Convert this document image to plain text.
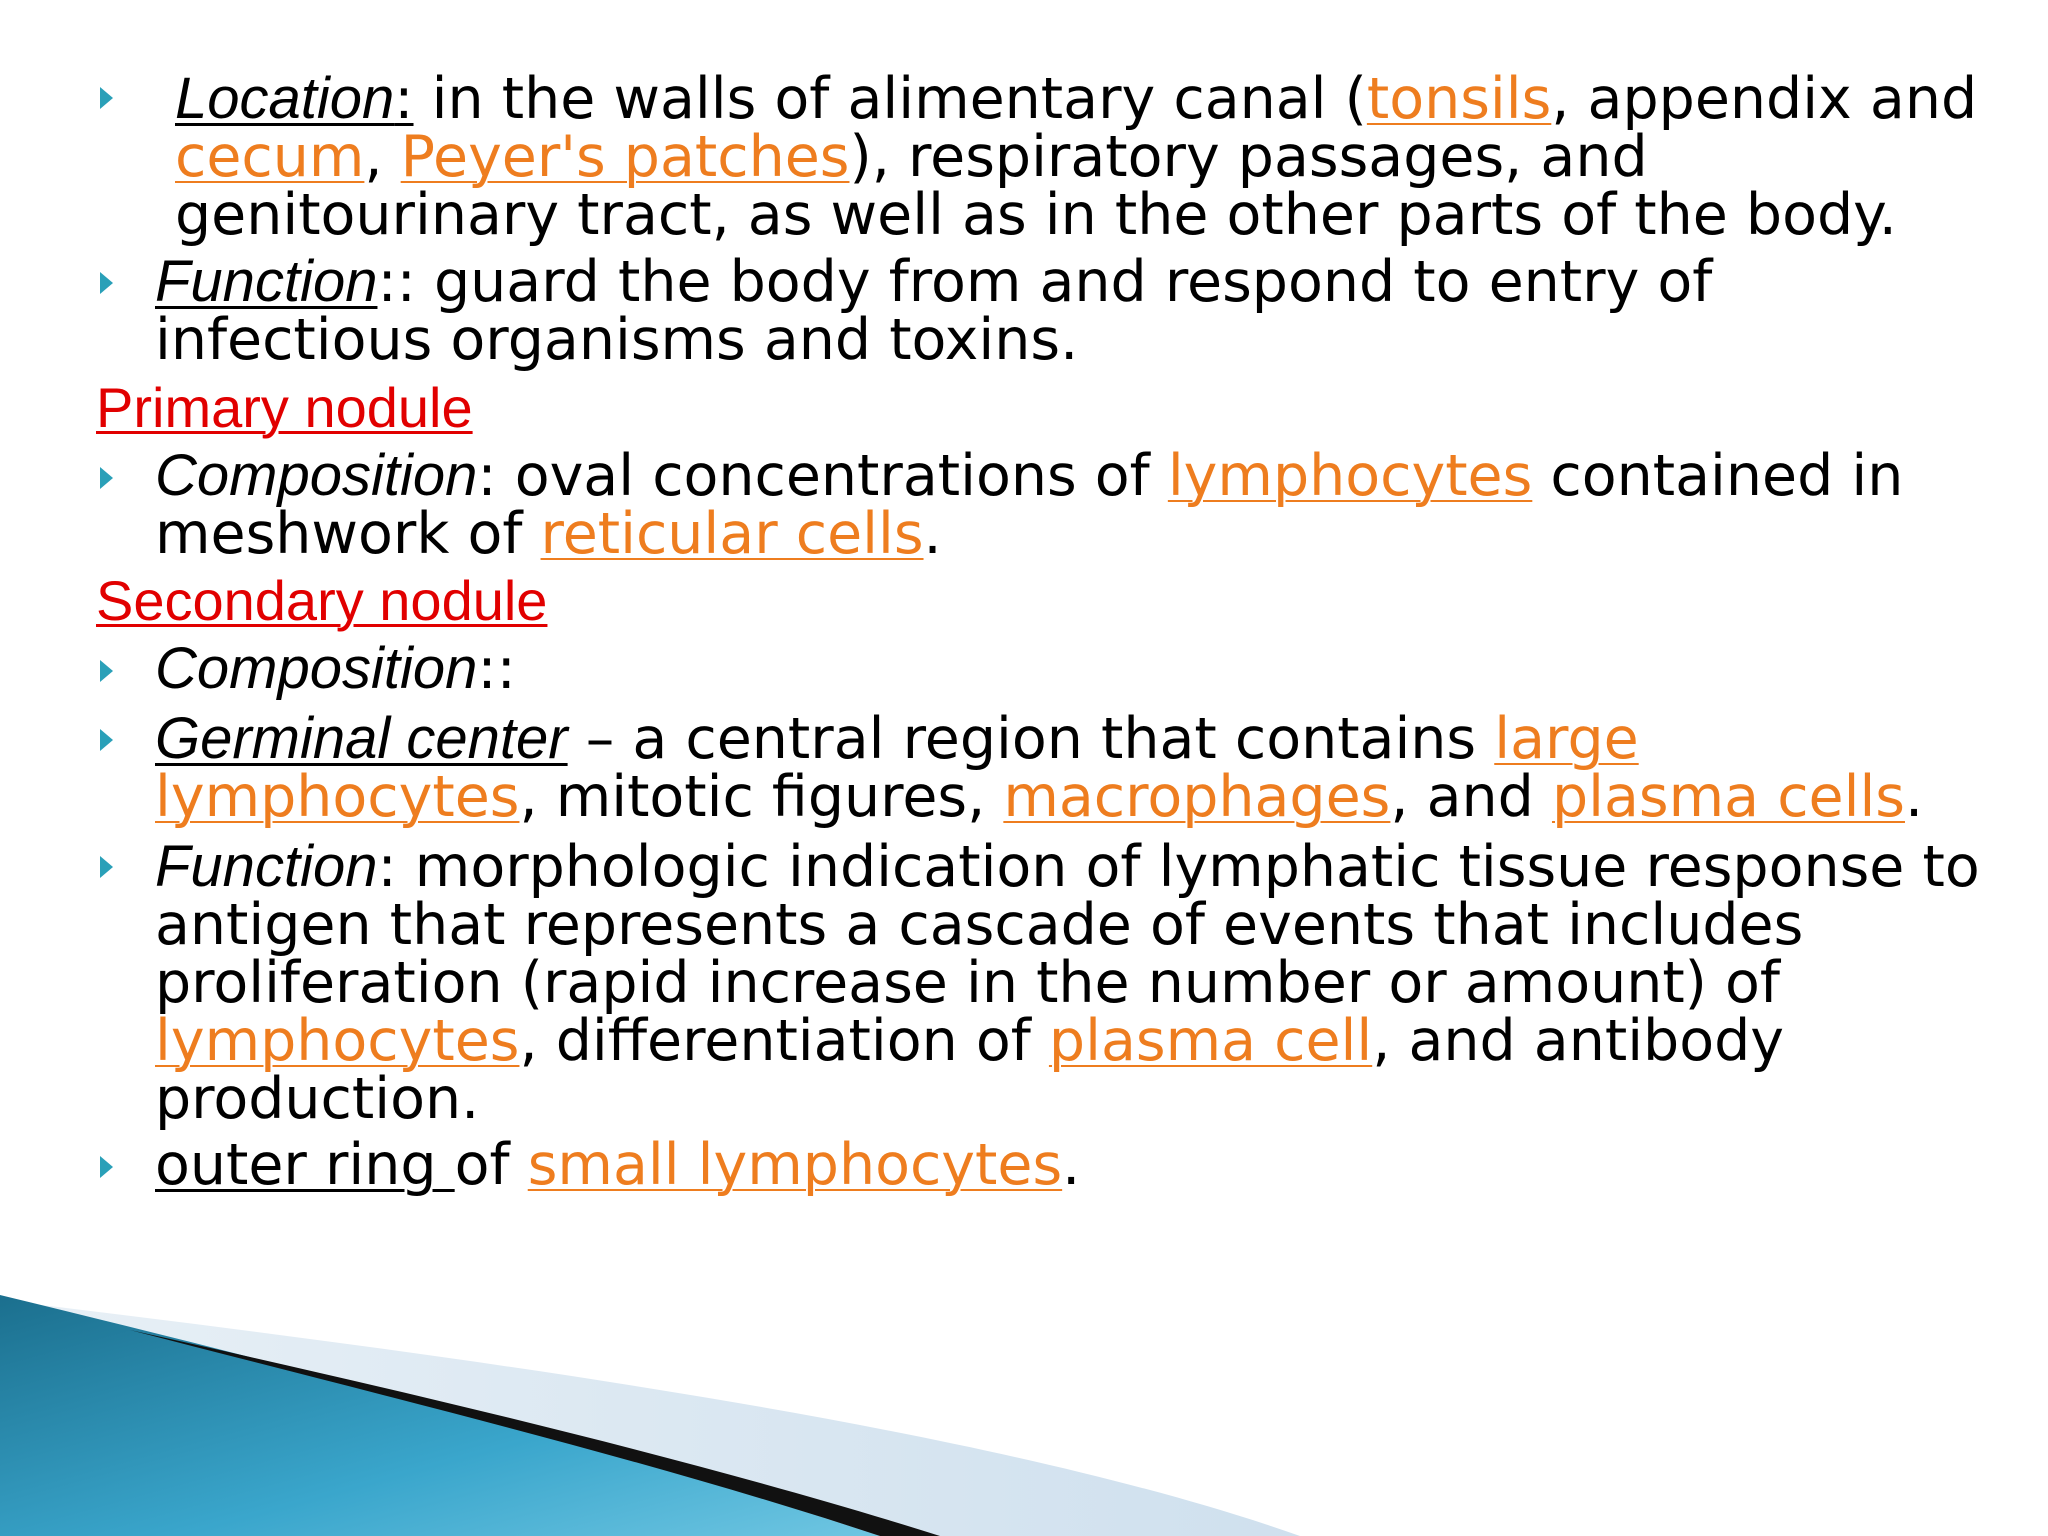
Location: in the walls of alimentary canal (tonsils, appendix and cecum, Peyer's patches), respiratory passages, and genitourinary tract, as well as in the other parts of the body.
Function:: guard the body from and respond to entry of infectious organisms and toxins.
Primary nodule
Composition: oval concentrations of lymphocytes contained in meshwork of reticular cells.
Secondary nodule
Composition::
Germinal center – a central region that contains large lymphocytes, mitotic figures, macrophages, and plasma cells.
Function: morphologic indication of lymphatic tissue response to antigen that represents a cascade of events that includes proliferation (rapid increase in the number or amount) of lymphocytes, differentiation of plasma cell, and antibody production.
outer ring of small lymphocytes.
